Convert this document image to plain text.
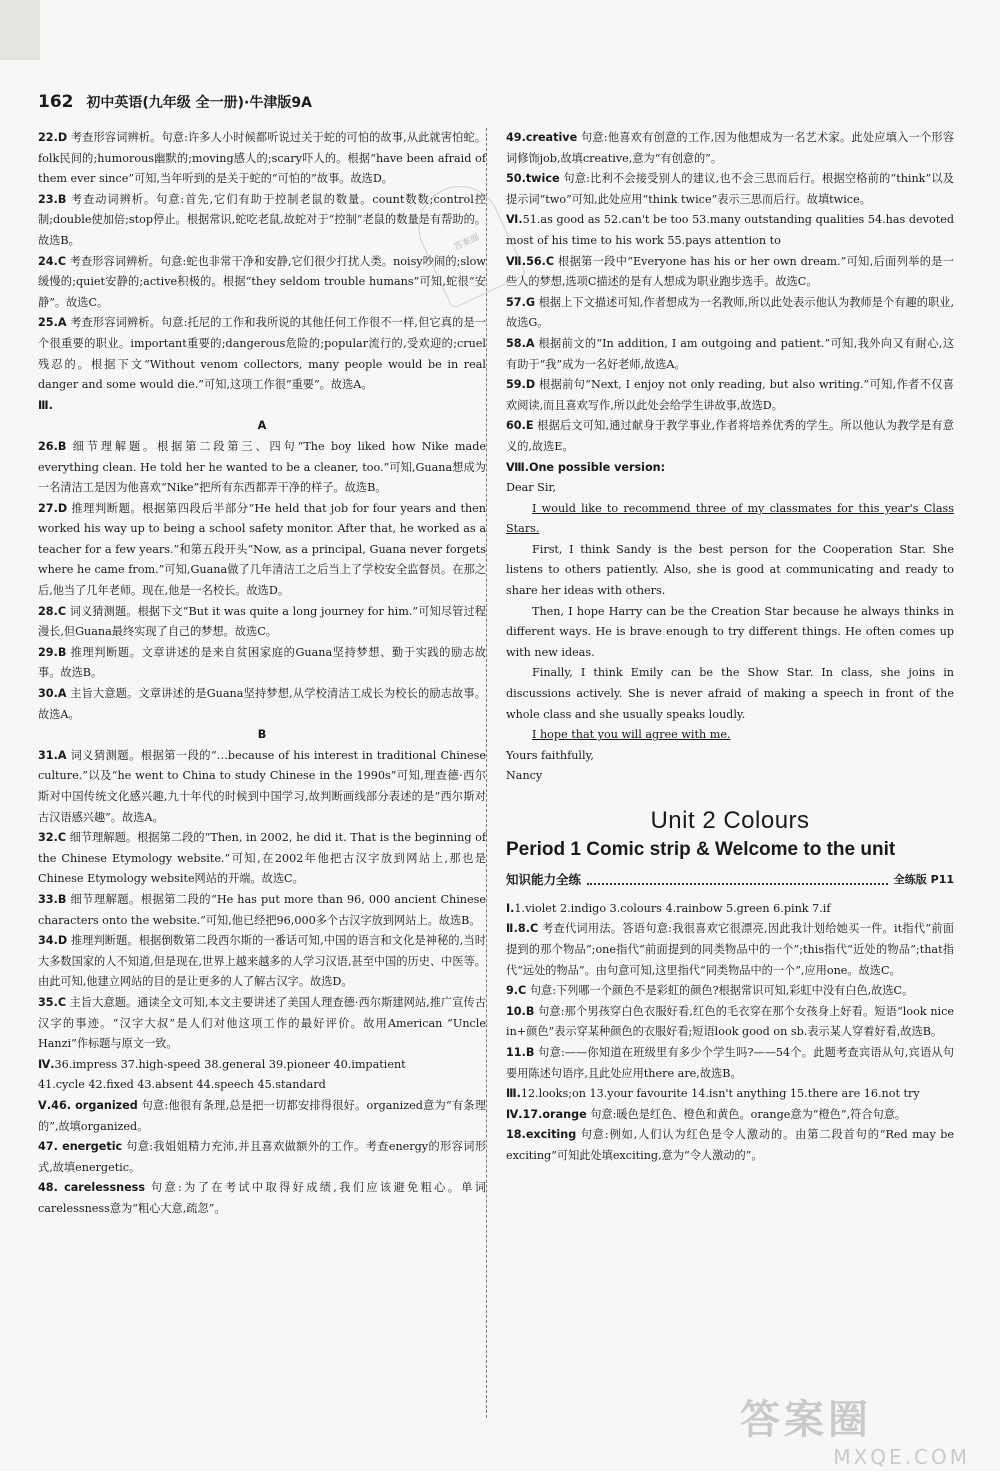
162 初中英语(九年级 全一册)·牛津版9A

22.D 考查形容词辨析。句意:许多人小时候都听说过关于蛇的可怕的故事,从此就害怕蛇。folk民间的;humorous幽默的;moving感人的;scary吓人的。根据“have been afraid of them ever since”可知,当年听到的是关于蛇的“可怕的”故事。故选D。

23.B 考查动词辨析。句意:首先,它们有助于控制老鼠的数量。count数数;control控制;double使加倍;stop停止。根据常识,蛇吃老鼠,故蛇对于“控制”老鼠的数量是有帮助的。故选B。

24.C 考查形容词辨析。句意:蛇也非常干净和安静,它们很少打扰人类。noisy吵闹的;slow缓慢的;quiet安静的;active积极的。根据“they seldom trouble humans”可知,蛇很“安静”。故选C。

25.A 考查形容词辨析。句意:托尼的工作和我所说的其他任何工作很不一样,但它真的是一个很重要的职业。important重要的;dangerous危险的;popular流行的,受欢迎的;cruel残忍的。根据下文“Without venom collectors, many people would be in real danger and some would die.”可知,这项工作很“重要”。故选A。

Ⅲ.

A

26.B 细节理解题。根据第二段第三、四句“The boy liked how Nike made everything clean. He told her he wanted to be a cleaner, too.”可知,Guana想成为一名清洁工是因为他喜欢“Nike”把所有东西都弄干净的样子。故选B。

27.D 推理判断题。根据第四段后半部分“He held that job for four years and then worked his way up to being a school safety monitor. After that, he worked as a teacher for a few years.”和第五段开头“Now, as a principal, Guana never forgets where he came from.”可知,Guana做了几年清洁工之后当上了学校安全监督员。在那之后,他当了几年老师。现在,他是一名校长。故选D。

28.C 词义猜测题。根据下文“But it was quite a long journey for him.”可知尽管过程漫长,但Guana最终实现了自己的梦想。故选C。

29.B 推理判断题。文章讲述的是来自贫困家庭的Guana坚持梦想、勤于实践的励志故事。故选B。

30.A 主旨大意题。文章讲述的是Guana坚持梦想,从学校清洁工成长为校长的励志故事。故选A。

B

31.A 词义猜测题。根据第一段的“…because of his interest in traditional Chinese culture.”以及“he went to China to study Chinese in the 1990s”可知,理查德·西尔斯对中国传统文化感兴趣,九十年代的时候到中国学习,故判断画线部分表述的是“西尔斯对古汉语感兴趣”。故选A。

32.C 细节理解题。根据第二段的“Then, in 2002, he did it. That is the beginning of the Chinese Etymology website.”可知,在2002年他把古汉字放到网站上,那也是Chinese Etymology website网站的开端。故选C。

33.B 细节理解题。根据第二段的“He has put more than 96, 000 ancient Chinese characters onto the website.”可知,他已经把96,000多个古汉字放到网站上。故选B。

34.D 推理判断题。根据倒数第二段西尔斯的一番话可知,中国的语言和文化是神秘的,当时大多数国家的人不知道,但是现在,世界上越来越多的人学习汉语,甚至中国的历史、中医等。由此可知,他建立网站的目的是让更多的人了解古汉字。故选D。

35.C 主旨大意题。通读全文可知,本文主要讲述了美国人理查德·西尔斯建网站,推广宣传古汉字的事迹。“汉字大叔”是人们对他这项工作的最好评价。故用American “Uncle Hanzi”作标题与原文一致。

Ⅳ.36.impress 37.high-speed 38.general 39.pioneer 40.impatient

41.cycle 42.fixed 43.absent 44.speech 45.standard

Ⅴ.46. organized 句意:他很有条理,总是把一切都安排得很好。organized意为“有条理的”,故填organized。

47. energetic 句意:我姐姐精力充沛,并且喜欢做额外的工作。考查energy的形容词形式,故填energetic。

48. carelessness 句意:为了在考试中取得好成绩,我们应该避免粗心。单词carelessness意为“粗心大意,疏忽”。

49.creative 句意:他喜欢有创意的工作,因为他想成为一名艺术家。此处应填入一个形容词修饰job,故填creative,意为“有创意的”。

50.twice 句意:比利不会接受别人的建议,也不会三思而后行。根据空格前的“think”以及提示词“two”可知,此处应用“think twice”表示三思而后行。故填twice。

Ⅵ.51.as good as 52.can't be too 53.many outstanding qualities 54.has devoted most of his time to his work 55.pays attention to

Ⅶ.56.C 根据第一段中“Everyone has his or her own dream.”可知,后面列举的是一些人的梦想,选项C描述的是有人想成为职业跑步选手。故选C。

57.G 根据上下文描述可知,作者想成为一名教师,所以此处表示他认为教师是个有趣的职业,故选G。

58.A 根据前文的“In addition, I am outgoing and patient.”可知,我外向又有耐心,这有助于“我”成为一名好老师,故选A。

59.D 根据前句“Next, I enjoy not only reading, but also writing.”可知,作者不仅喜欢阅读,而且喜欢写作,所以此处会给学生讲故事,故选D。

60.E 根据后文可知,通过献身于教学事业,作者将培养优秀的学生。所以他认为教学是有意义的,故选E。

Ⅷ.One possible version:

Dear Sir,

I would like to recommend three of my classmates for this year's Class Stars.

First, I think Sandy is the best person for the Cooperation Star. She listens to others patiently. Also, she is good at communicating and ready to share her ideas with others.

Then, I hope Harry can be the Creation Star because he always thinks in different ways. He is brave enough to try different things. He often comes up with new ideas.

Finally, I think Emily can be the Show Star. In class, she joins in discussions actively. She is never afraid of making a speech in front of the whole class and she usually speaks loudly.

I hope that you will agree with me.

Yours faithfully,

Nancy

Unit 2 Colours
Period 1 Comic strip & Welcome to the unit
知识能力全练	全练版 P11

Ⅰ.1.violet 2.indigo 3.colours 4.rainbow 5.green 6.pink 7.if

Ⅱ.8.C 考查代词用法。答语句意:我很喜欢它很漂亮,因此我计划给她买一件。it指代“前面提到的那个物品”;one指代“前面提到的同类物品中的一个”;this指代“近处的物品”;that指代“远处的物品”。由句意可知,这里指代“同类物品中的一个”,应用one。故选C。

9.C 句意:下列哪一个颜色不是彩虹的颜色?根据常识可知,彩虹中没有白色,故选C。

10.B 句意:那个男孩穿白色衣服好看,红色的毛衣穿在那个女孩身上好看。短语“look nice in+颜色”表示穿某种颜色的衣服好看;短语look good on sb.表示某人穿着好看,故选B。

11.B 句意:——你知道在班级里有多少个学生吗?——54个。此题考查宾语从句,宾语从句要用陈述句语序,且此处应用there are,故选B。

Ⅲ.12.looks;on 13.your favourite 14.isn't anything 15.there are 16.not try

Ⅳ.17.orange 句意:暖色是红色、橙色和黄色。orange意为“橙色”,符合句意。

18.exciting 句意:例如,人们认为红色是令人激动的。由第二段首句的“Red may be exciting”可知此处填exciting,意为“令人激动的”。

答案圈
答案圈
MXQE.COM
